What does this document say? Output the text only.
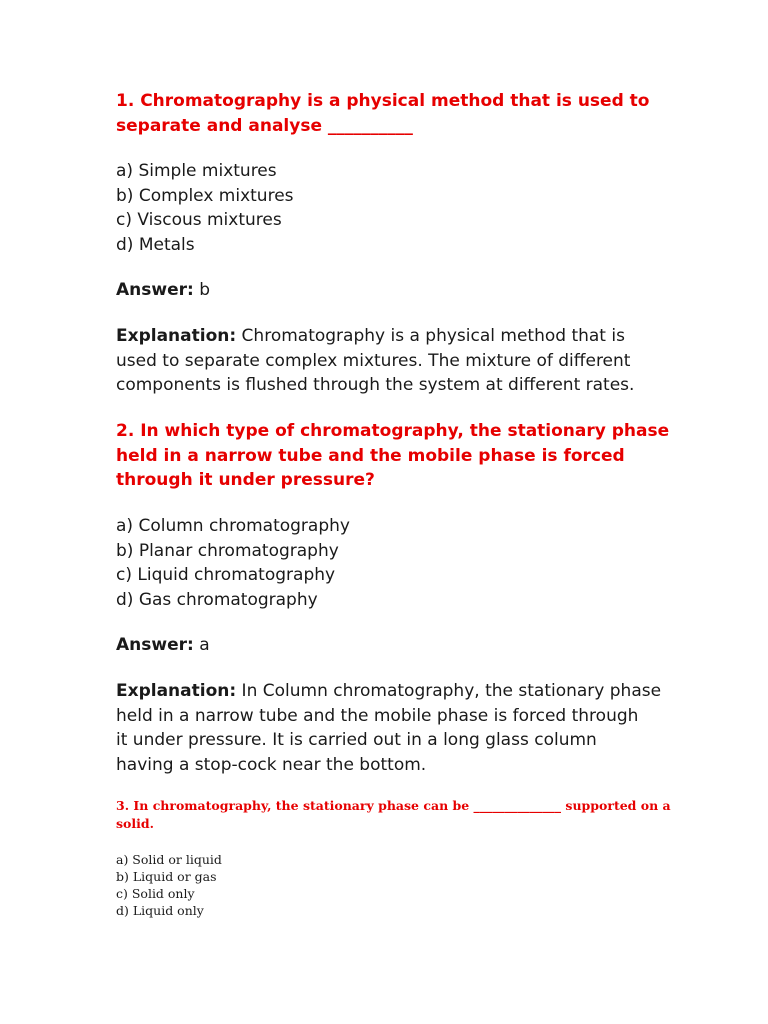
1. Chromatography is a physical method that is used to
separate and analyse __________
a) Simple mixtures
b) Complex mixtures
c) Viscous mixtures
d) Metals
Answer: b
Explanation: Chromatography is a physical method that is
used to separate complex mixtures. The mixture of different
components is flushed through the system at different rates.
2. In which type of chromatography, the stationary phase
held in a narrow tube and the mobile phase is forced
through it under pressure?
a) Column chromatography
b) Planar chromatography
c) Liquid chromatography
d) Gas chromatography
Answer: a
Explanation: In Column chromatography, the stationary phase
held in a narrow tube and the mobile phase is forced through
it under pressure. It is carried out in a long glass column
having a stop-cock near the bottom.
3. In chromatography, the stationary phase can be ______________ supported on a
solid.
a) Solid or liquid
b) Liquid or gas
c) Solid only
d) Liquid only
